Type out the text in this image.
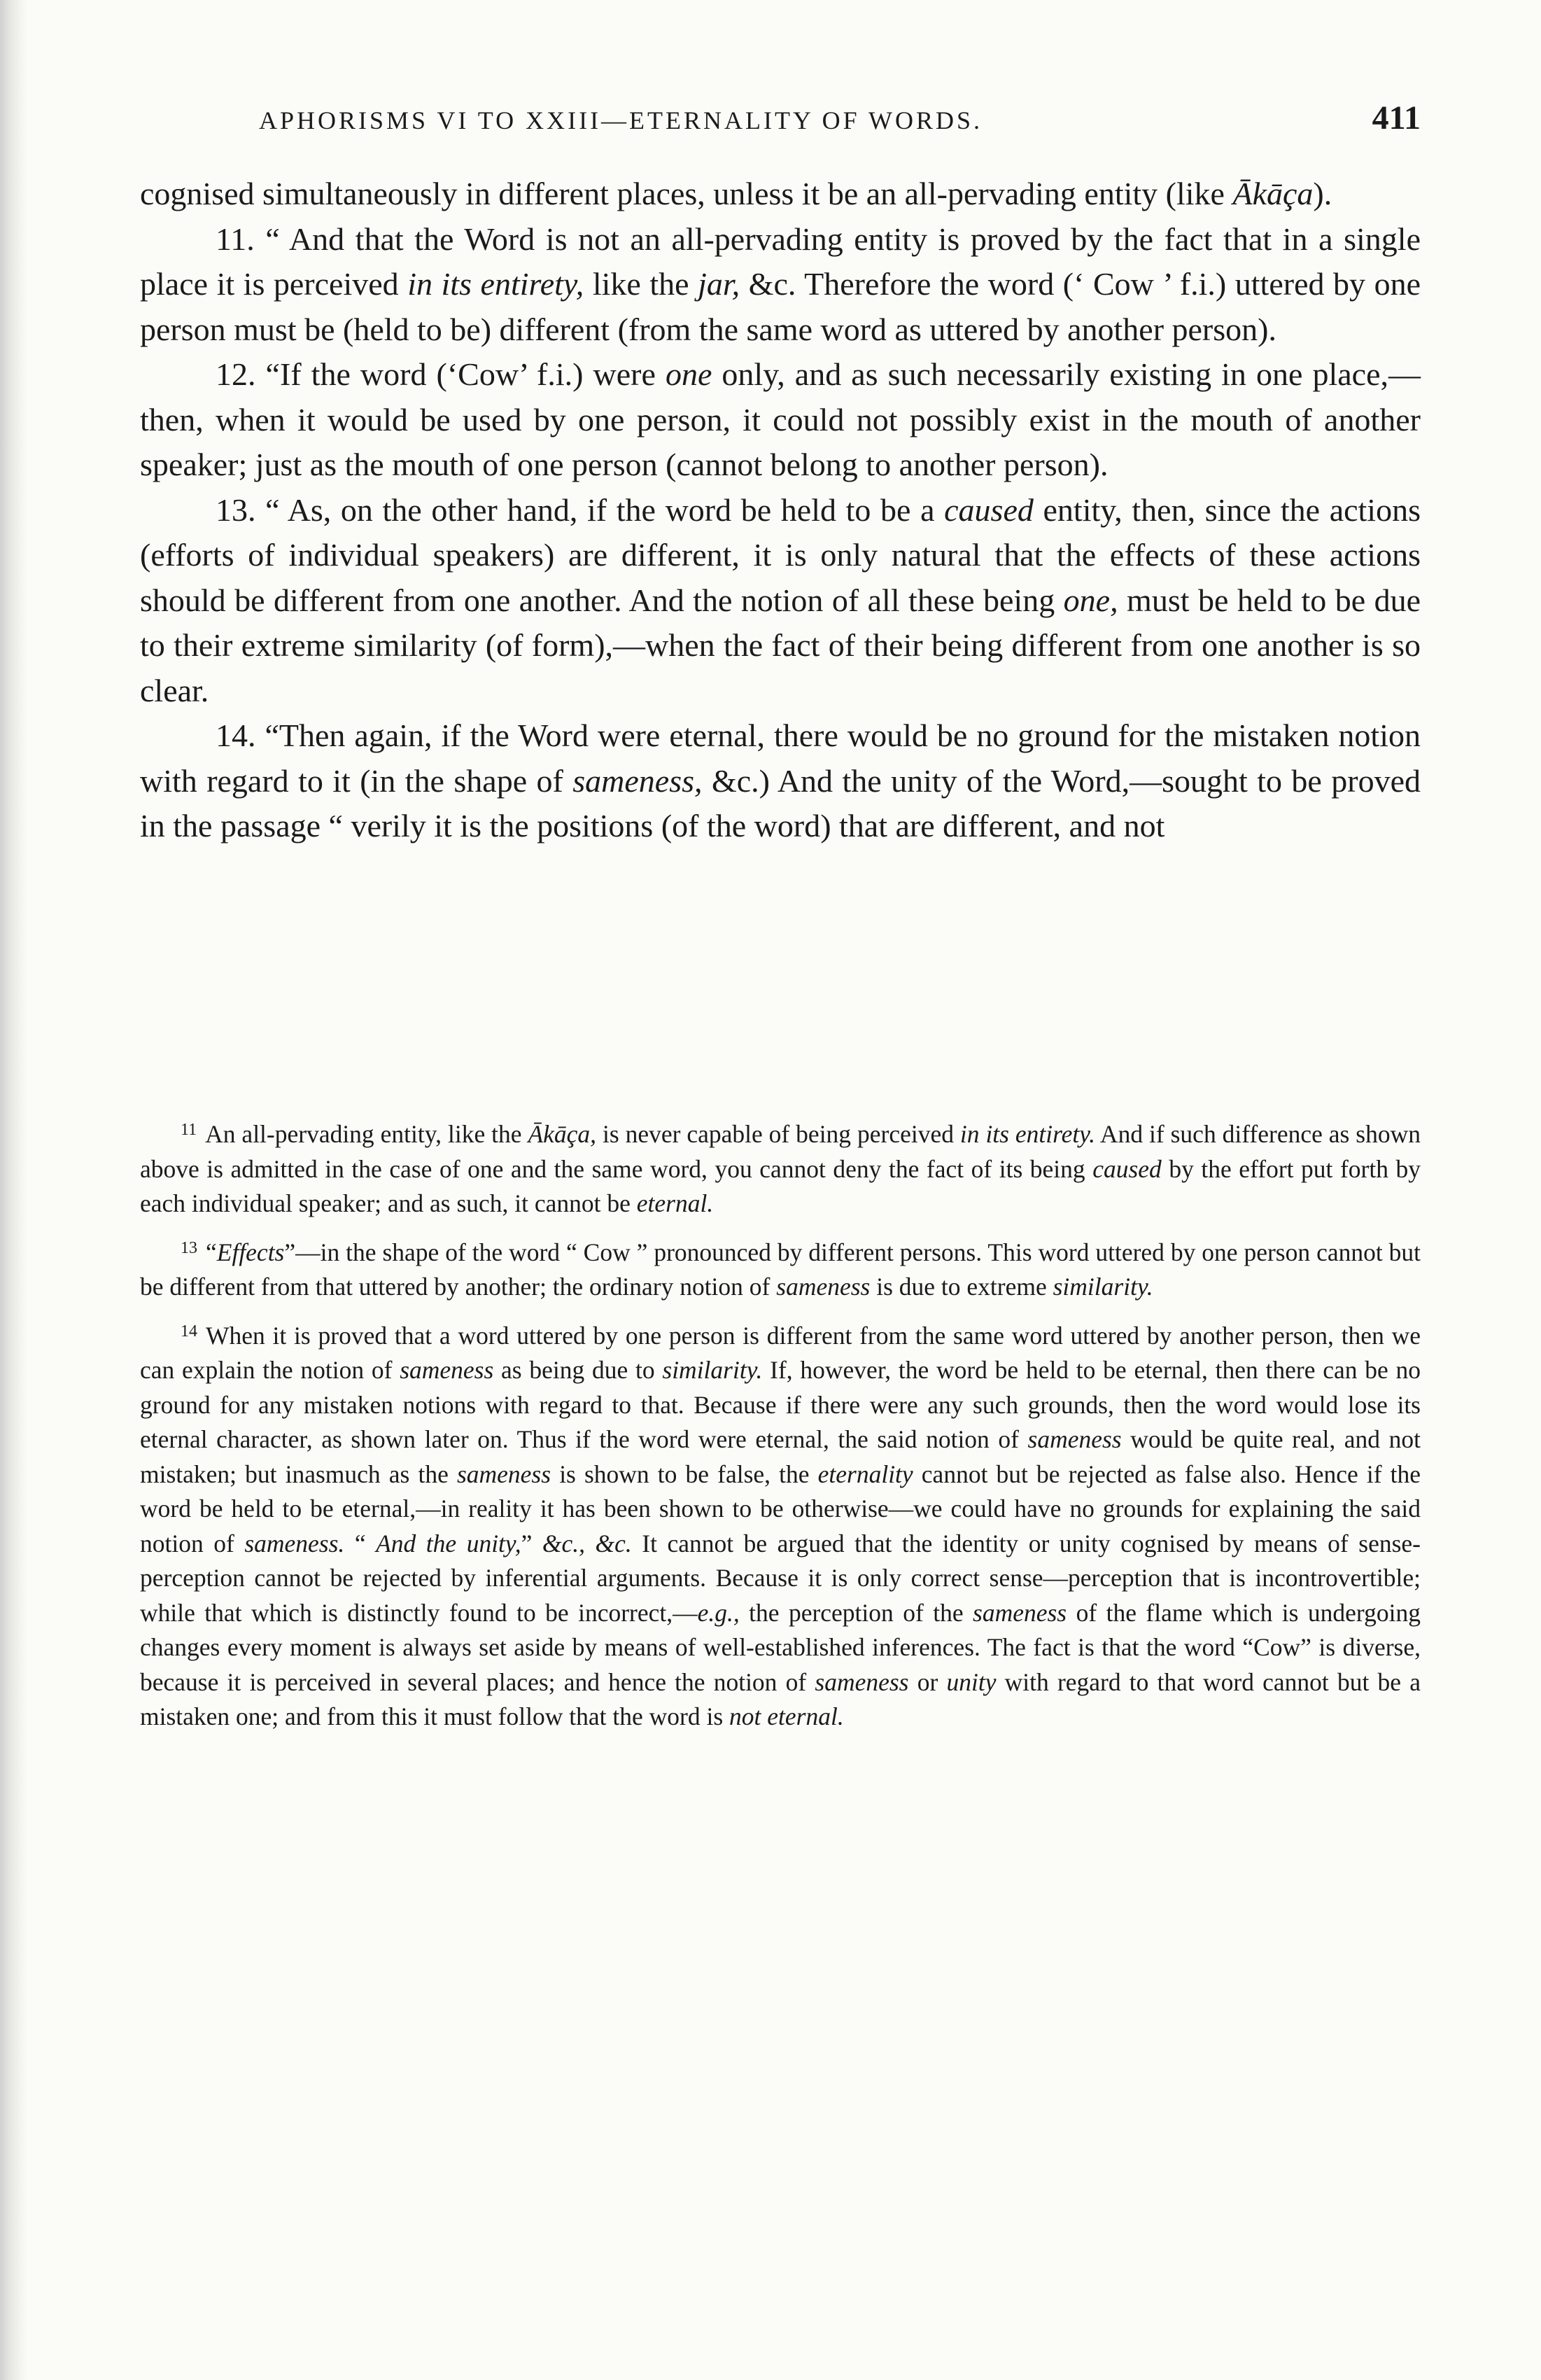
APHORISMS VI TO XXIII—ETERNALITY OF WORDS.	411

cognised simultaneously in different places, unless it be an all-pervading entity (like Ākāça).

11. “ And that the Word is not an all-pervading entity is proved by the fact that in a single place it is perceived in its entirety, like the jar, &c. Therefore the word (‘ Cow ’ f.i.) uttered by one person must be (held to be) different (from the same word as uttered by another person).

12. “If the word (‘Cow’ f.i.) were one only, and as such necessarily existing in one place,—then, when it would be used by one person, it could not possibly exist in the mouth of another speaker; just as the mouth of one person (cannot belong to another person).

13. “ As, on the other hand, if the word be held to be a caused entity, then, since the actions (efforts of individual speakers) are different, it is only natural that the effects of these actions should be different from one another. And the notion of all these being one, must be held to be due to their extreme similarity (of form),—when the fact of their being different from one another is so clear.

14. “Then again, if the Word were eternal, there would be no ground for the mistaken notion with regard to it (in the shape of sameness, &c.) And the unity of the Word,—sought to be proved in the passage “ verily it is the positions (of the word) that are different, and not

$^{11}$ An all-pervading entity, like the Ākāça, is never capable of being perceived in its entirety. And if such difference as shown above is admitted in the case of one and the same word, you cannot deny the fact of its being caused by the effort put forth by each individual speaker; and as such, it cannot be eternal.

$^{13}$ “Effects”—in the shape of the word “ Cow ” pronounced by different persons. This word uttered by one person cannot but be different from that uttered by another; the ordinary notion of sameness is due to extreme similarity.

$^{14}$ When it is proved that a word uttered by one person is different from the same word uttered by another person, then we can explain the notion of sameness as being due to similarity. If, however, the word be held to be eternal, then there can be no ground for any mistaken notions with regard to that. Because if there were any such grounds, then the word would lose its eternal character, as shown later on. Thus if the word were eternal, the said notion of sameness would be quite real, and not mistaken; but inasmuch as the sameness is shown to be false, the eternality cannot but be rejected as false also. Hence if the word be held to be eternal,—in reality it has been shown to be otherwise—we could have no grounds for explaining the said notion of sameness. “ And the unity,” &c., &c. It cannot be argued that the identity or unity cognised by means of sense-perception cannot be rejected by inferential arguments. Because it is only correct sense—perception that is incontrovertible; while that which is distinctly found to be incorrect,—e.g., the perception of the sameness of the flame which is undergoing changes every moment is always set aside by means of well-established inferences. The fact is that the word “Cow” is diverse, because it is perceived in several places; and hence the notion of sameness or unity with regard to that word cannot but be a mistaken one; and from this it must follow that the word is not eternal.
